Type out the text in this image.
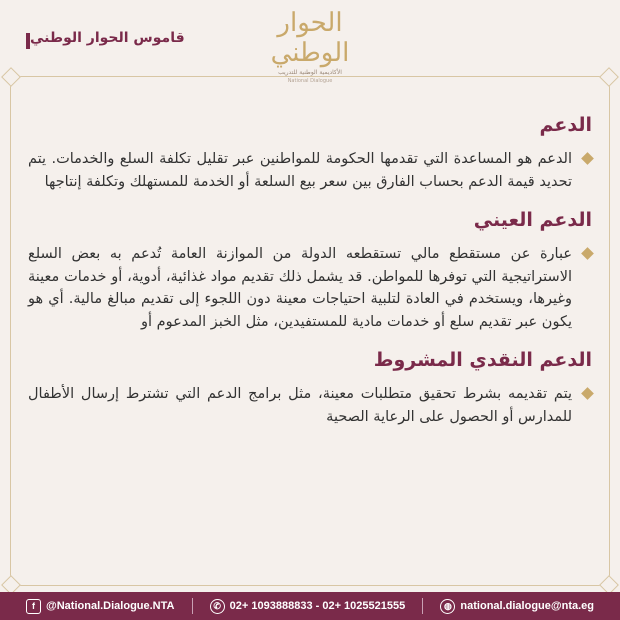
الحوار الوطني
الأكاديمية الوطنية للتدريب
National Dialogue
قاموس الحوار الوطني
الدعم

الدعم هو المساعدة التي تقدمها الحكومة للمواطنين عبر تقليل تكلفة السلع والخدمات. يتم تحديد قيمة الدعم بحساب الفارق بين سعر بيع السلعة أو الخدمة للمستهلك وتكلفة إنتاجها

الدعم العيني

عبارة عن مستقطع مالي تستقطعه الدولة من الموازنة العامة تُدعم به بعض السلع الاستراتيجية التي توفرها للمواطن. قد يشمل ذلك تقديم مواد غذائية، أدوية، أو خدمات معينة وغيرها، ويستخدم في العادة لتلبية احتياجات معينة دون اللجوء إلى تقديم مبالغ مالية. أي هو يكون عبر تقديم سلع أو خدمات مادية للمستفيدين، مثل الخبز المدعوم أو

الدعم النقدي المشروط

يتم تقديمه بشرط تحقيق متطلبات معينة، مثل برامج الدعم التي تشترط إرسال الأطفال للمدارس أو الحصول على الرعاية الصحية

f	@National.Dialogue.NTA	✆ 02+ 1093888833 - 02+ 1025521555	◍ national.dialogue@nta.eg
